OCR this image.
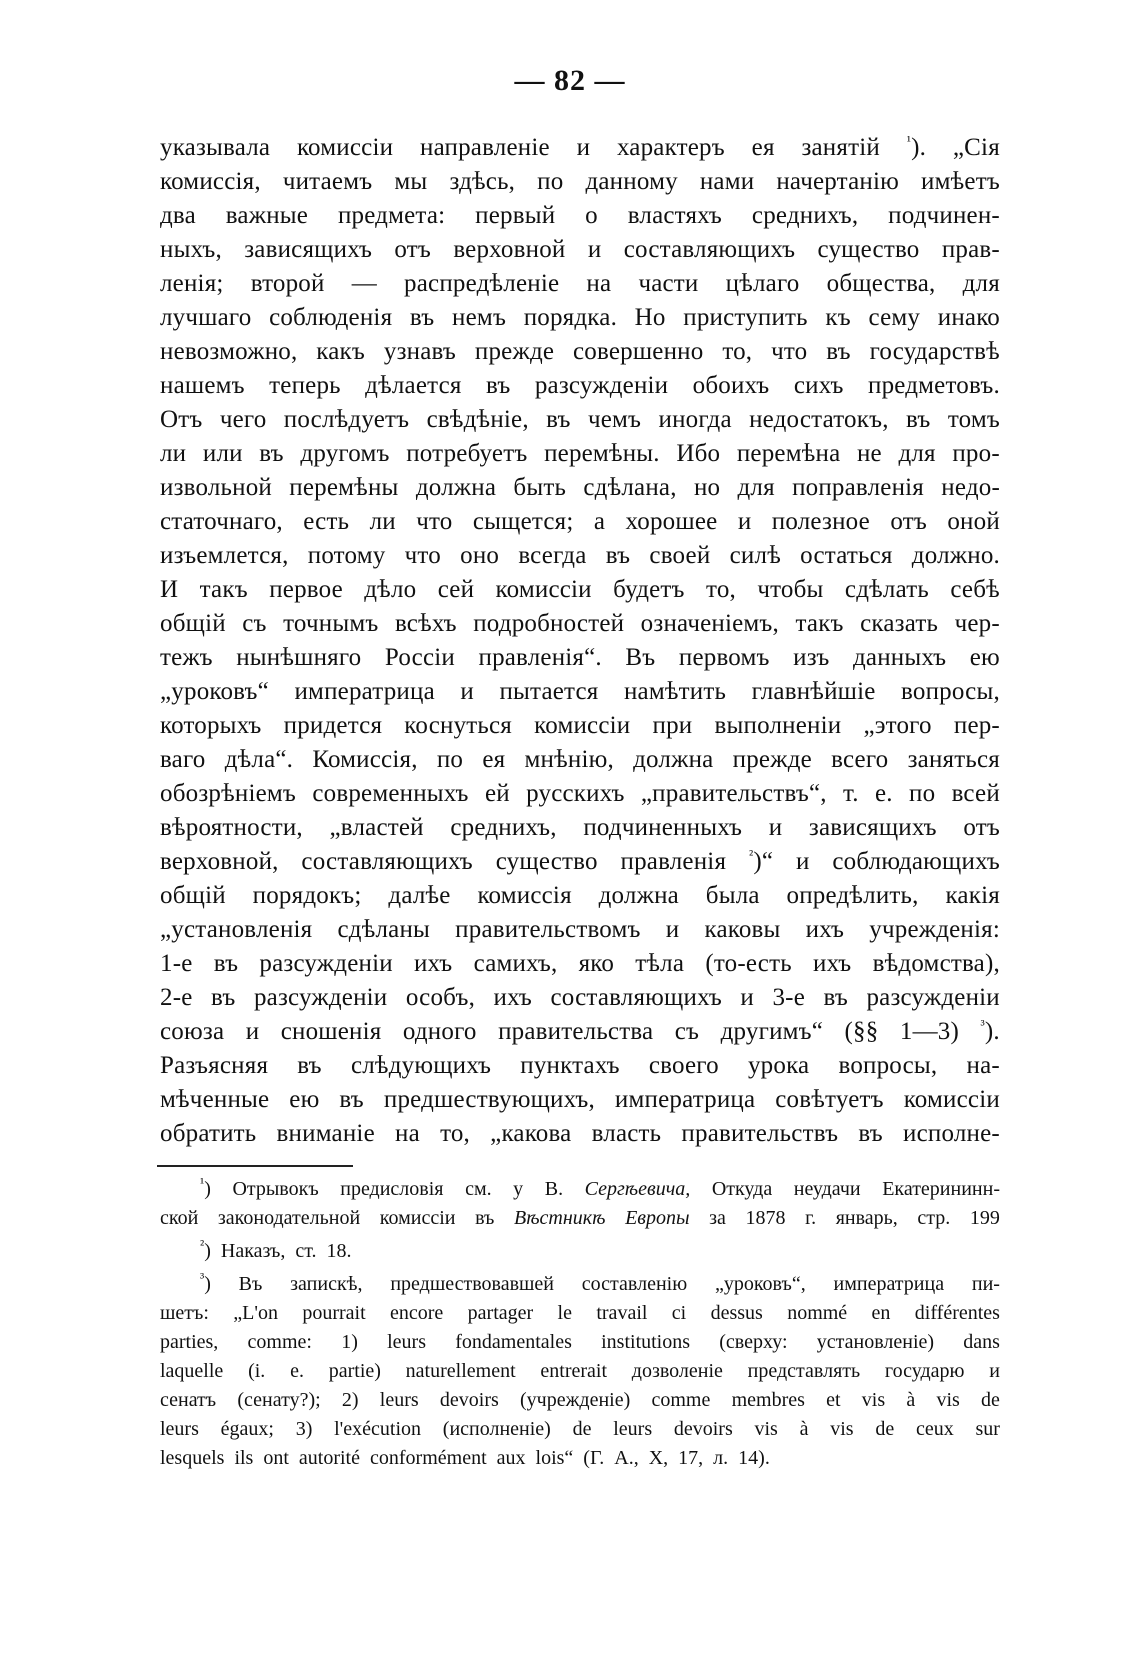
— 82 —
указывала комиссіи направленіе и характеръ ея занятій $^{^1}$). „Сія
комиссія, читаемъ мы здѣсь, по данному нами начертанію имѣетъ
два важные предмета: первый о властяхъ среднихъ, подчинен-
ныхъ, зависящихъ отъ верховной и составляющихъ существо прав-
ленія; второй — распредѣленіе на части цѣлаго общества, для
лучшаго соблюденія въ немъ порядка. Но приступить къ сему инако
невозможно, какъ узнавъ прежде совершенно то, что въ государствѣ
нашемъ теперь дѣлается въ разсужденіи обоихъ сихъ предметовъ.
Отъ чего послѣдуетъ свѣдѣніе, въ чемъ иногда недостатокъ, въ томъ
ли или въ другомъ потребуетъ перемѣны. Ибо перемѣна не для про-
извольной перемѣны должна быть сдѣлана, но для поправленія недо-
статочнаго, есть ли что сыщется; а хорошее и полезное отъ оной
изъемлется, потому что оно всегда въ своей силѣ остаться должно.
И такъ первое дѣло сей комиссіи будетъ то, чтобы сдѣлать себѣ
общій съ точнымъ всѣхъ подробностей означеніемъ, такъ сказать чер-
тежъ нынѣшняго Россіи правленія“. Въ первомъ изъ данныхъ ею
„уроковъ“ императрица и пытается намѣтить главнѣйшіе вопросы,
которыхъ придется коснуться комиссіи при выполненіи „этого пер-
ваго дѣла“. Комиссія, по ея мнѣнію, должна прежде всего заняться
обозрѣніемъ современныхъ ей русскихъ „правительствъ“, т. е. по всей
вѣроятности, „властей среднихъ, подчиненныхъ и зависящихъ отъ
верховной, составляющихъ существо правленія $^{^2}$)“ и соблюдающихъ
общій порядокъ; далѣе комиссія должна была опредѣлить, какія
„установленія сдѣланы правительствомъ и каковы ихъ учрежденія:
1-е въ разсужденіи ихъ самихъ, яко тѣла (то-есть ихъ вѣдомства),
2-е въ разсужденіи особъ, ихъ составляющихъ и 3-е въ разсужденіи
союза и сношенія одного правительства съ другимъ“ (§§ 1—3) $^{^3}$).
Разъясняя въ слѣдующихъ пунктахъ своего урока вопросы, на-
мѣченные ею въ предшествующихъ, императрица совѣтуетъ комиссіи
обратить вниманіе на то, „какова власть правительствъ въ исполне-
$^{^1}$) Отрывокъ предисловія см. у В. Сергѣевича, Откуда неудачи Екатерининн-
ской законодательной комиссіи въ Вѣстникѣ Европы за 1878 г. январь, стр. 199
$^{^2}$) Наказъ, ст. 18.
$^{^3}$) Въ запискѣ, предшествовавшей составленію „уроковъ“, императрица пи-
шетъ: „L'on pourrait encore partager le travail ci dessus nommé en différentes
parties, comme: 1) leurs fondamentales institutions (сверху: установленіе) dans
laquelle (i. e. partie) naturellement entrerait дозволеніе представлять государю и
сенатъ (сенату?); 2) leurs devoirs (учрежденіе) comme membres et vis à vis de
leurs égaux; 3) l'exécution (исполненіе) de leurs devoirs vis à vis de ceux sur
lesquels ils ont autorité conformément aux lois“ (Г. А., X, 17, л. 14).
